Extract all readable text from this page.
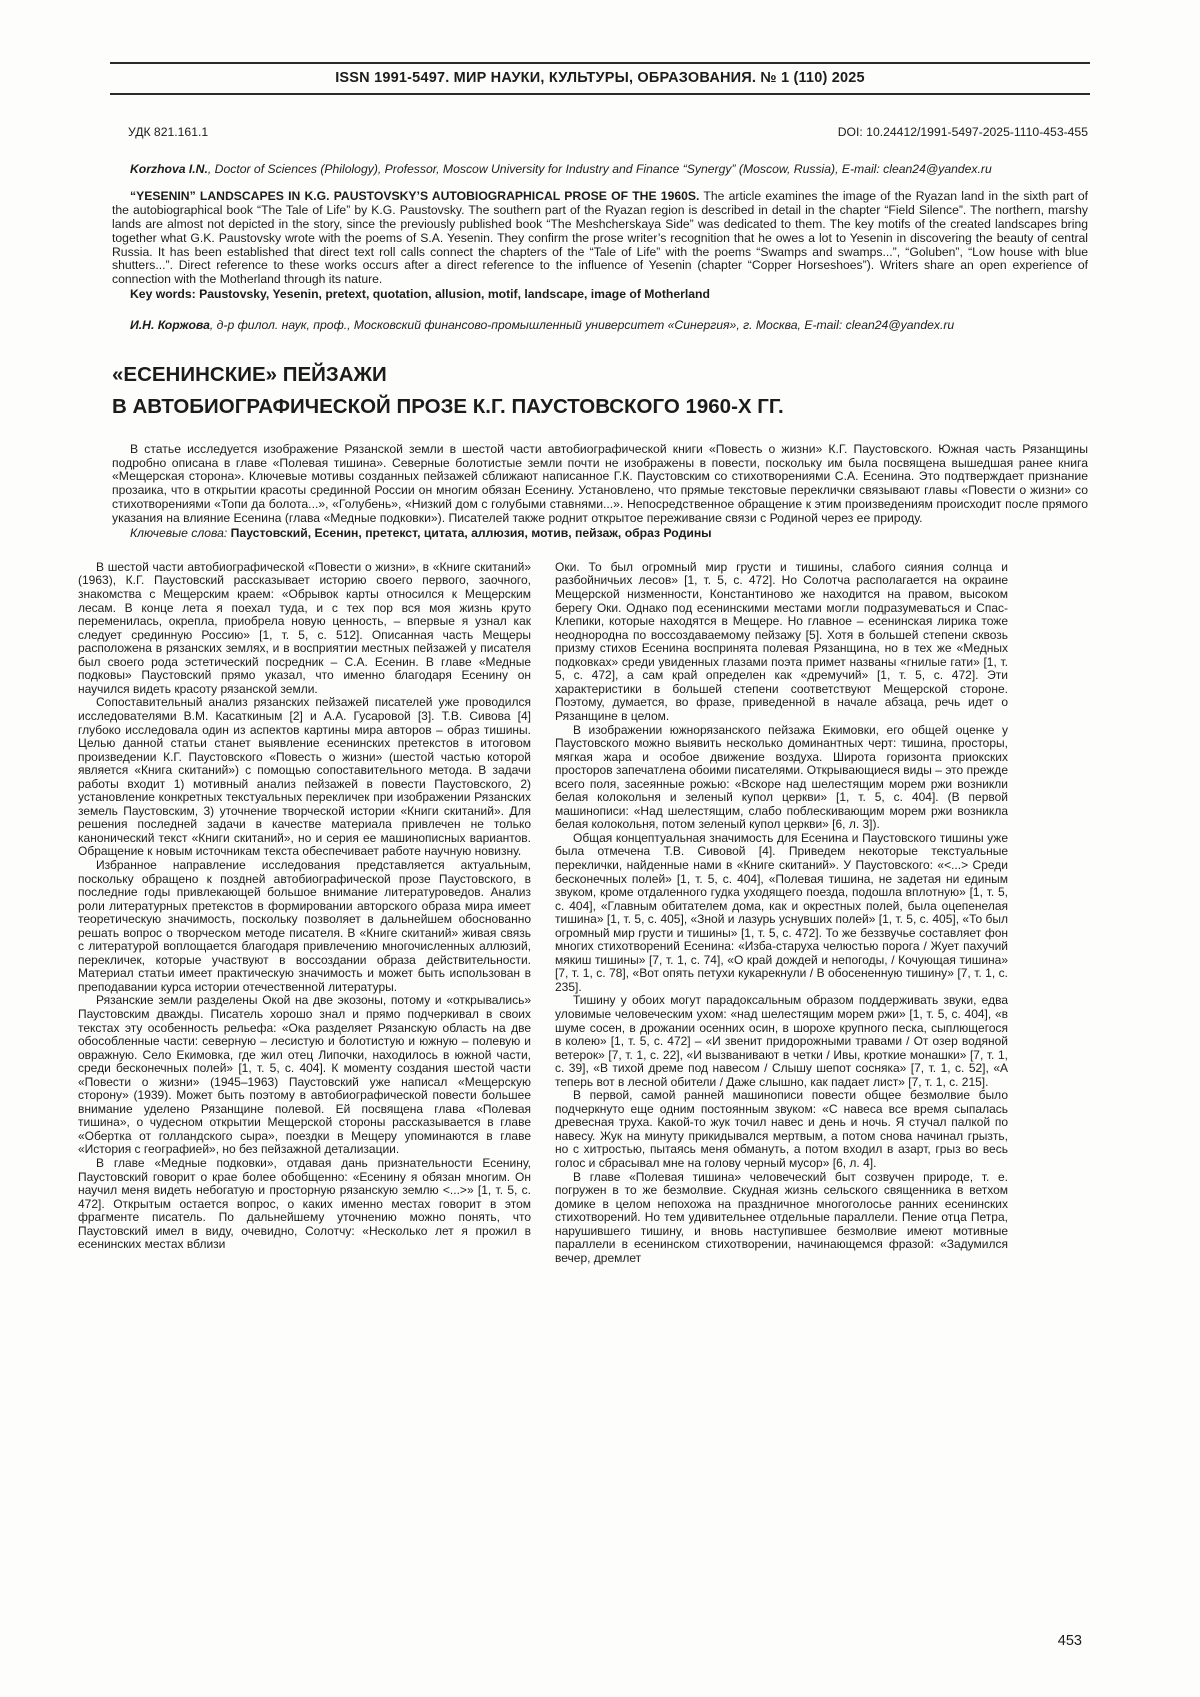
ISSN 1991-5497. МИР НАУКИ, КУЛЬТУРЫ, ОБРАЗОВАНИЯ. № 1 (110) 2025
УДК 821.161.1	DOI: 10.24412/1991-5497-2025-1110-453-455

Korzhova I.N., Doctor of Sciences (Philology), Professor, Moscow University for Industry and Finance “Synergy” (Moscow, Russia), E-mail: clean24@yandex.ru

“YESENIN” LANDSCAPES IN K.G. PAUSTOVSKY’S AUTOBIOGRAPHICAL PROSE OF THE 1960S. The article examines the image of the Ryazan land in the sixth part of the autobiographical book “The Tale of Life” by K.G. Paustovsky. The southern part of the Ryazan region is described in detail in the chapter “Field Silence”. The northern, marshy lands are almost not depicted in the story, since the previously published book “The Meshcherskaya Side” was dedicated to them. The key motifs of the created landscapes bring together what G.K. Paustovsky wrote with the poems of S.A. Yesenin. They confirm the prose writer’s recognition that he owes a lot to Yesenin in discovering the beauty of central Russia. It has been established that direct text roll calls connect the chapters of the “Tale of Life” with the poems “Swamps and swamps...”, “Goluben”, “Low house with blue shutters...”. Direct reference to these works occurs after a direct reference to the influence of Yesenin (chapter “Copper Horseshoes”). Writers share an open experience of connection with the Motherland through its nature.

Key words: Paustovsky, Yesenin, pretext, quotation, allusion, motif, landscape, image of Motherland

И.Н. Коржова, д-р филол. наук, проф., Московский финансово-промышленный университет «Синергия», г. Москва, E-mail: clean24@yandex.ru

«ЕСЕНИНСКИЕ» ПЕЙЗАЖИ
В АВТОБИОГРАФИЧЕСКОЙ ПРОЗЕ К.Г. ПАУСТОВСКОГО 1960-Х ГГ.

В статье исследуется изображение Рязанской земли в шестой части автобиографической книги «Повесть о жизни» К.Г. Паустовского. Южная часть Рязанщины подробно описана в главе «Полевая тишина». Северные болотистые земли почти не изображены в повести, поскольку им была посвящена вышедшая ранее книга «Мещерская сторона». Ключевые мотивы созданных пейзажей сближают написанное Г.К. Паустовским со стихотворениями С.А. Есенина. Это подтверждает признание прозаика, что в открытии красоты срединной России он многим обязан Есенину. Установлено, что прямые текстовые переклички связывают главы «Повести о жизни» со стихотворениями «Топи да болота...», «Голубень», «Низкий дом с голубыми ставнями...». Непосредственное обращение к этим произведениям происходит после прямого указания на влияние Есенина (глава «Медные подковки»). Писателей также роднит открытое переживание связи с Родиной через ее природу.

Ключевые слова: Паустовский, Есенин, претекст, цитата, аллюзия, мотив, пейзаж, образ Родины

В шестой части автобиографической «Повести о жизни», в «Книге скитаний» (1963), К.Г. Паустовский рассказывает историю своего первого, заочного, знакомства с Мещерским краем: «Обрывок карты относился к Мещерским лесам. В конце лета я поехал туда, и с тех пор вся моя жизнь круто переменилась, окрепла, приобрела новую ценность, – впервые я узнал как следует срединную Россию» [1, т. 5, с. 512]. Описанная часть Мещеры расположена в рязанских землях, и в восприятии местных пейзажей у писателя был своего рода эстетический посредник – С.А. Есенин. В главе «Медные подковы» Паустовский прямо указал, что именно благодаря Есенину он научился видеть красоту рязанской земли.

Сопоставительный анализ рязанских пейзажей писателей уже проводился исследователями В.М. Касаткиным [2] и А.А. Гусаровой [3]. Т.В. Сивова [4] глубоко исследовала один из аспектов картины мира авторов – образ тишины. Целью данной статьи станет выявление есенинских претекстов в итоговом произведении К.Г. Паустовского «Повесть о жизни» (шестой частью которой является «Книга скитаний») с помощью сопоставительного метода. В задачи работы входит 1) мотивный анализ пейзажей в повести Паустовского, 2) установление конкретных текстуальных перекличек при изображении Рязанских земель Паустовским, 3) уточнение творческой истории «Книги скитаний». Для решения последней задачи в качестве материала привлечен не только канонический текст «Книги скитаний», но и серия ее машинописных вариантов. Обращение к новым источникам текста обеспечивает работе научную новизну.

Избранное направление исследования представляется актуальным, поскольку обращено к поздней автобиографической прозе Паустовского, в последние годы привлекающей большое внимание литературоведов. Анализ роли литературных претекстов в формировании авторского образа мира имеет теоретическую значимость, поскольку позволяет в дальнейшем обоснованно решать вопрос о творческом методе писателя. В «Книге скитаний» живая связь с литературой воплощается благодаря привлечению многочисленных аллюзий, перекличек, которые участвуют в воссоздании образа действительности. Материал статьи имеет практическую значимость и может быть использован в преподавании курса истории отечественной литературы.

Рязанские земли разделены Окой на две экозоны, потому и «открывались» Паустовским дважды. Писатель хорошо знал и прямо подчеркивал в своих текстах эту особенность рельефа: «Ока разделяет Рязанскую область на две обособленные части: северную – лесистую и болотистую и южную – полевую и овражную. Село Екимовка, где жил отец Липочки, находилось в южной части, среди бесконечных полей» [1, т. 5, с. 404]. К моменту создания шестой части «Повести о жизни» (1945–1963) Паустовский уже написал «Мещерскую сторону» (1939). Может быть поэтому в автобиографической повести большее внимание уделено Рязанщине полевой. Ей посвящена глава «Полевая тишина», о чудесном открытии Мещерской стороны рассказывается в главе «Обертка от голландского сыра», поездки в Мещеру упоминаются в главе «История с географией», но без пейзажной детализации.

В главе «Медные подковки», отдавая дань признательности Есенину, Паустовский говорит о крае более обобщенно: «Есенину я обязан многим. Он научил меня видеть небогатую и просторную рязанскую землю <...>» [1, т. 5, с. 472]. Открытым остается вопрос, о каких именно местах говорит в этом фрагменте писатель. По дальнейшему уточнению можно понять, что Паустовский имел в виду, очевидно, Солотчу: «Несколько лет я прожил в есенинских местах вблизи

Оки. То был огромный мир грусти и тишины, слабого сияния солнца и разбойничьих лесов» [1, т. 5, с. 472]. Но Солотча располагается на окраине Мещерской низменности, Константиново же находится на правом, высоком берегу Оки. Однако под есенинскими местами могли подразумеваться и Спас-Клепики, которые находятся в Мещере. Но главное – есенинская лирика тоже неоднородна по воссоздаваемому пейзажу [5]. Хотя в большей степени сквозь призму стихов Есенина воспринята полевая Рязанщина, но в тех же «Медных подковках» среди увиденных глазами поэта примет названы «гнилые гати» [1, т. 5, с. 472], а сам край определен как «дремучий» [1, т. 5, с. 472]. Эти характеристики в большей степени соответствуют Мещерской стороне. Поэтому, думается, во фразе, приведенной в начале абзаца, речь идет о Рязанщине в целом.

В изображении южнорязанского пейзажа Екимовки, его общей оценке у Паустовского можно выявить несколько доминантных черт: тишина, просторы, мягкая жара и особое движение воздуха. Широта горизонта приокских просторов запечатлена обоими писателями. Открывающиеся виды – это прежде всего поля, засеянные рожью: «Вскоре над шелестящим морем ржи возникли белая колокольня и зеленый купол церкви» [1, т. 5, с. 404]. (В первой машинописи: «Над шелестящим, слабо поблескивающим морем ржи возникла белая колокольня, потом зеленый купол церкви» [6, л. 3]).

Общая концептуальная значимость для Есенина и Паустовского тишины уже была отмечена Т.В. Сивовой [4]. Приведем некоторые текстуальные переклички, найденные нами в «Книге скитаний». У Паустовского: «<...> Среди бесконечных полей» [1, т. 5, с. 404], «Полевая тишина, не задетая ни единым звуком, кроме отдаленного гудка уходящего поезда, подошла вплотную» [1, т. 5, с. 404], «Главным обитателем дома, как и окрестных полей, была оцепенелая тишина» [1, т. 5, с. 405], «Зной и лазурь уснувших полей» [1, т. 5, с. 405], «То был огромный мир грусти и тишины» [1, т. 5, с. 472]. То же беззвучье составляет фон многих стихотворений Есенина: «Изба-старуха челюстью порога / Жует пахучий мякиш тишины» [7, т. 1, с. 74], «О край дождей и непогоды, / Кочующая тишина» [7, т. 1, с. 78], «Вот опять петухи кукарекнули / В обосененную тишину» [7, т. 1, с. 235].

Тишину у обоих могут парадоксальным образом поддерживать звуки, едва уловимые человеческим ухом: «над шелестящим морем ржи» [1, т. 5, с. 404], «в шуме сосен, в дрожании осенних осин, в шорохе крупного песка, сыплющегося в колею» [1, т. 5, с. 472] – «И звенит придорожными травами / От озер водяной ветерок» [7, т. 1, с. 22], «И вызванивают в четки / Ивы, кроткие монашки» [7, т. 1, с. 39], «В тихой дреме под навесом / Слышу шепот сосняка» [7, т. 1, с. 52], «А теперь вот в лесной обители / Даже слышно, как падает лист» [7, т. 1, с. 215].

В первой, самой ранней машинописи повести общее безмолвие было подчеркнуто еще одним постоянным звуком: «С навеса все время сыпалась древесная труха. Какой-то жук точил навес и день и ночь. Я стучал палкой по навесу. Жук на минуту прикидывался мертвым, а потом снова начинал грызть, но с хитростью, пытаясь меня обмануть, а потом входил в азарт, грыз во весь голос и сбрасывал мне на голову черный мусор» [6, л. 4].

В главе «Полевая тишина» человеческий быт созвучен природе, т. е. погружен в то же безмолвие. Скудная жизнь сельского священника в ветхом домике в целом непохожа на праздничное многоголосье ранних есенинских стихотворений. Но тем удивительнее отдельные параллели. Пение отца Петра, нарушившего тишину, и вновь наступившее безмолвие имеют мотивные параллели в есенинском стихотворении, начинающемся фразой: «Задумился вечер, дремлет

453
